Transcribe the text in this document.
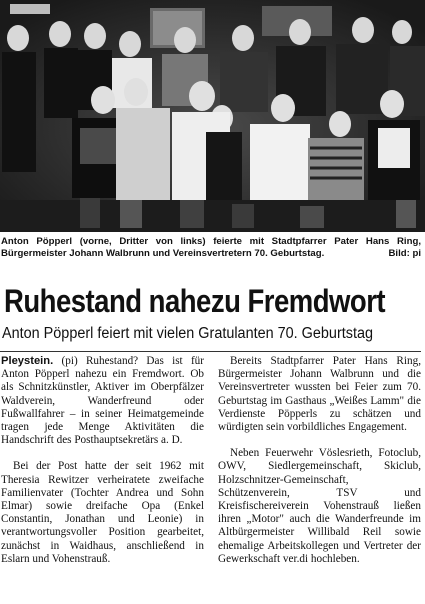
Anton Pöpperl (vorne, Dritter von links) feierte mit Stadtpfarrer Pater Hans Ring, Bürgermeister Johann Walbrunn und Vereinsvertretern 70. Geburtstag.	Bild: pi
Ruhestand nahezu Fremdwort
Anton Pöpperl feiert mit vielen Gratulanten 70. Geburtstag

Pleystein. (pi) Ruhestand? Das ist für Anton Pöpperl nahezu ein Fremdwort. Ob als Schnitzkünstler, Aktiver im Oberpfälzer Waldverein, Wanderfreund oder Fußwallfahrer – in seiner Heimatgemeinde tragen jede Menge Aktivitäten die Handschrift des Posthauptsekretärs a. D.

Bei der Post hatte der seit 1962 mit Theresia Rewitzer verheiratete zweifache Familienvater (Tochter Andrea und Sohn Elmar) sowie dreifache Opa (Enkel Constantin, Jonathan und Leonie) in verantwortungsvoller Position gearbeitet, zunächst in Waidhaus, anschließend in Eslarn und Vohenstrauß.

Bereits Stadtpfarrer Pater Hans Ring, Bürgermeister Johann Walbrunn und die Vereinsvertreter wussten bei Feier zum 70. Geburtstag im Gasthaus „Weißes Lamm" die Verdienste Pöpperls zu schätzen und würdigten sein vorbildliches Engagement.

Neben Feuerwehr Vöslesrieth, Fotoclub, OWV, Siedlergemeinschaft, Skiclub, Holzschnitzer-Gemeinschaft, Schützenverein, TSV und Kreisfischereiverein Vohenstrauß ließen ihren „Motor" auch die Wanderfreunde im Altbürgermeister Willibald Reil sowie ehemalige Arbeitskollegen und Vertreter der Gewerkschaft ver.di hochleben.
